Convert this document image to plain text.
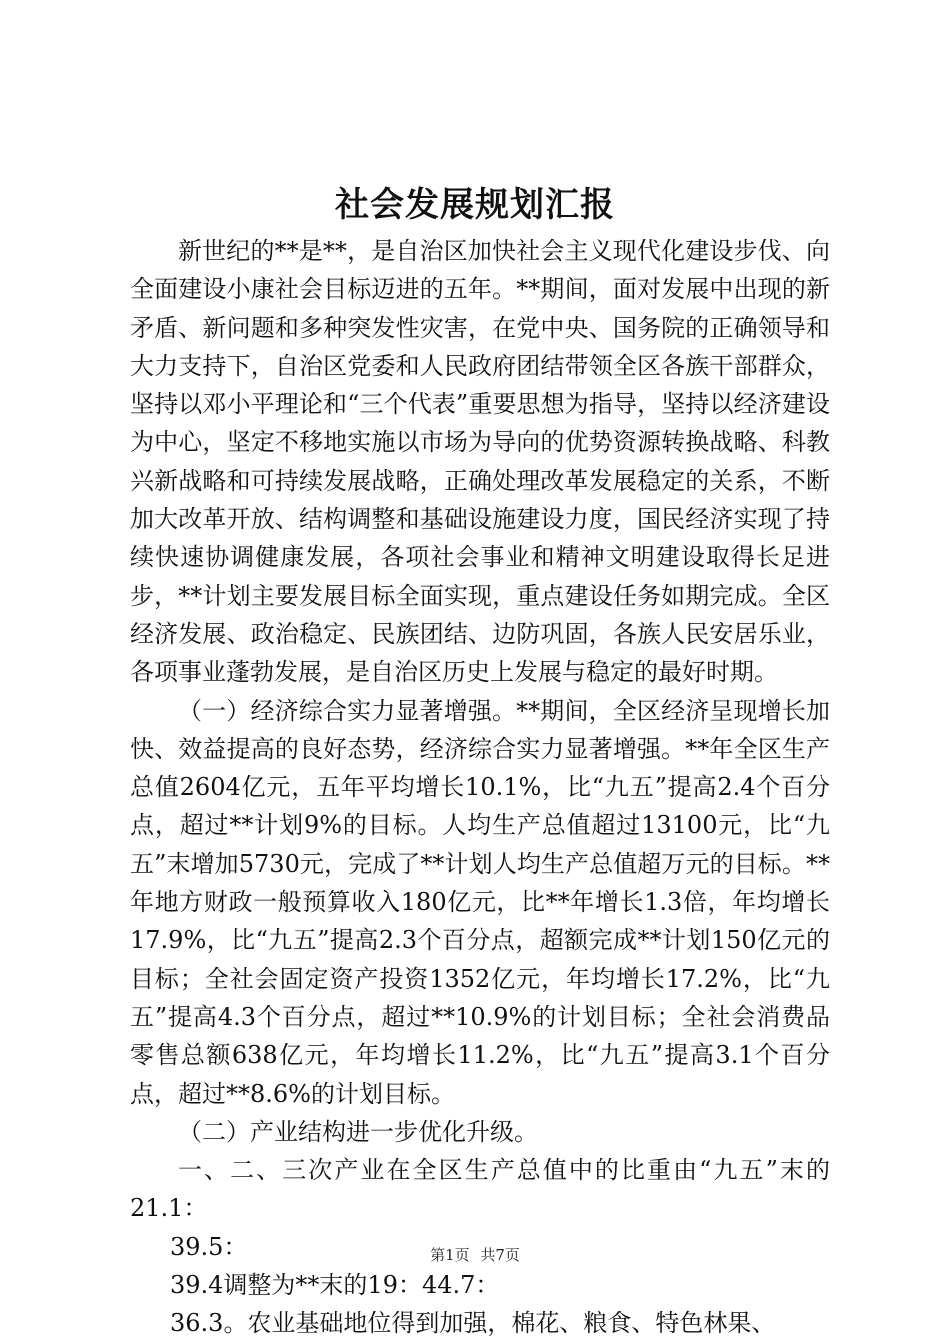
社会发展规划汇报

新世纪的**是**，是自治区加快社会主义现代化建设步伐、向全面建设小康社会目标迈进的五年。**期间，面对发展中出现的新矛盾、新问题和多种突发性灾害，在党中央、国务院的正确领导和大力支持下，自治区党委和人民政府团结带领全区各族干部群众，坚持以邓小平理论和“三个代表”重要思想为指导，坚持以经济建设为中心，坚定不移地实施以市场为导向的优势资源转换战略、科教兴新战略和可持续发展战略，正确处理改革发展稳定的关系，不断加大改革开放、结构调整和基础设施建设力度，国民经济实现了持续快速协调健康发展，各项社会事业和精神文明建设取得长足进步，**计划主要发展目标全面实现，重点建设任务如期完成。全区经济发展、政治稳定、民族团结、边防巩固，各族人民安居乐业，各项事业蓬勃发展，是自治区历史上发展与稳定的最好时期。

（一）经济综合实力显著增强。**期间，全区经济呈现增长加快、效益提高的良好态势，经济综合实力显著增强。**年全区生产总值2604亿元，五年平均增长10.1%，比“九五”提高2.4个百分点，超过**计划9%的目标。人均生产总值超过13100元，比“九五”末增加5730元，完成了**计划人均生产总值超万元的目标。**年地方财政一般预算收入180亿元，比**年增长1.3倍，年均增长17.9%，比“九五”提高2.3个百分点，超额完成**计划150亿元的目标；全社会固定资产投资1352亿元，年均增长17.2%，比“九五”提高4.3个百分点，超过**10.9%的计划目标；全社会消费品零售总额638亿元，年均增长11.2%，比“九五”提高3.1个百分点，超过**8.6%的计划目标。

（二）产业结构进一步优化升级。

一、二、三次产业在全区生产总值中的比重由“九五”末的21.1：

39.5：

39.4调整为**末的19：44.7：

36.3。农业基础地位得到加强，棉花、粮食、特色林果、

第1页 共7页
